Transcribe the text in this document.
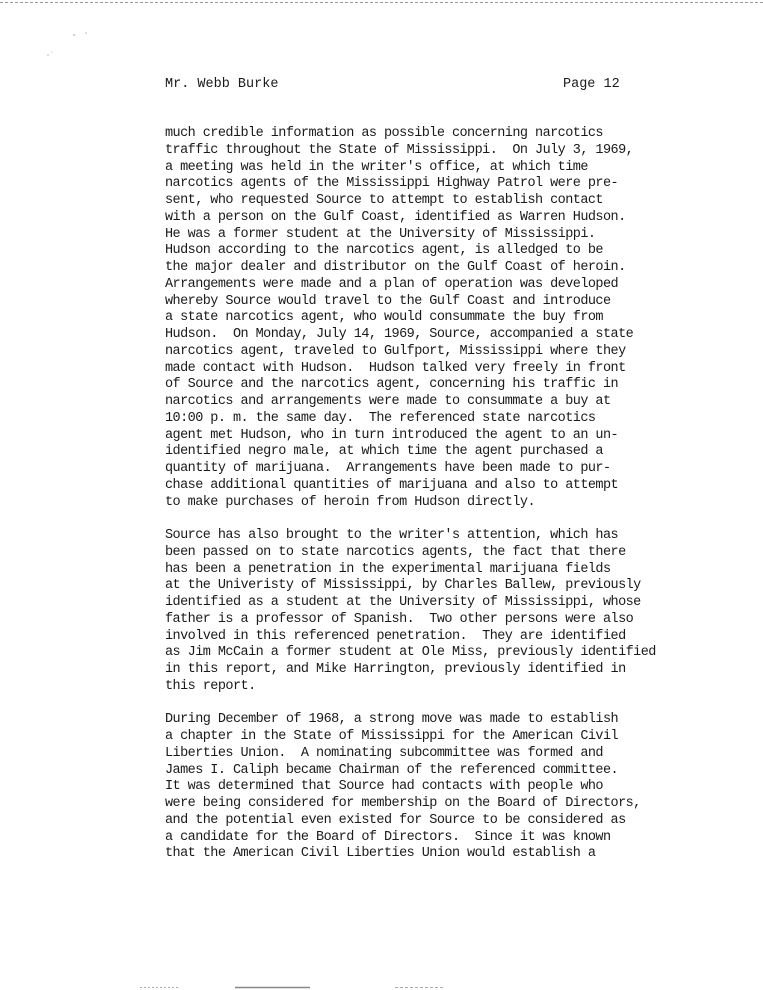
Mr. Webb Burke	Page 12
much credible information as possible concerning narcotics
traffic throughout the State of Mississippi.  On July 3, 1969,
a meeting was held in the writer's office, at which time
narcotics agents of the Mississippi Highway Patrol were pre-
sent, who requested Source to attempt to establish contact
with a person on the Gulf Coast, identified as Warren Hudson.
He was a former student at the University of Mississippi.
Hudson according to the narcotics agent, is alledged to be
the major dealer and distributor on the Gulf Coast of heroin.
Arrangements were made and a plan of operation was developed
whereby Source would travel to the Gulf Coast and introduce
a state narcotics agent, who would consummate the buy from
Hudson.  On Monday, July 14, 1969, Source, accompanied a state
narcotics agent, traveled to Gulfport, Mississippi where they
made contact with Hudson.  Hudson talked very freely in front
of Source and the narcotics agent, concerning his traffic in
narcotics and arrangements were made to consummate a buy at
10:00 p. m. the same day.  The referenced state narcotics
agent met Hudson, who in turn introduced the agent to an un-
identified negro male, at which time the agent purchased a
quantity of marijuana.  Arrangements have been made to pur-
chase additional quantities of marijuana and also to attempt
to make purchases of heroin from Hudson directly.
Source has also brought to the writer's attention, which has
been passed on to state narcotics agents, the fact that there
has been a penetration in the experimental marijuana fields
at the Univeristy of Mississippi, by Charles Ballew, previously
identified as a student at the University of Mississippi, whose
father is a professor of Spanish.  Two other persons were also
involved in this referenced penetration.  They are identified
as Jim McCain a former student at Ole Miss, previously identified
in this report, and Mike Harrington, previously identified in
this report.
During December of 1968, a strong move was made to establish
a chapter in the State of Mississippi for the American Civil
Liberties Union.  A nominating subcommittee was formed and
James I. Caliph became Chairman of the referenced committee.
It was determined that Source had contacts with people who
were being considered for membership on the Board of Directors,
and the potential even existed for Source to be considered as
a candidate for the Board of Directors.  Since it was known
that the American Civil Liberties Union would establish a
